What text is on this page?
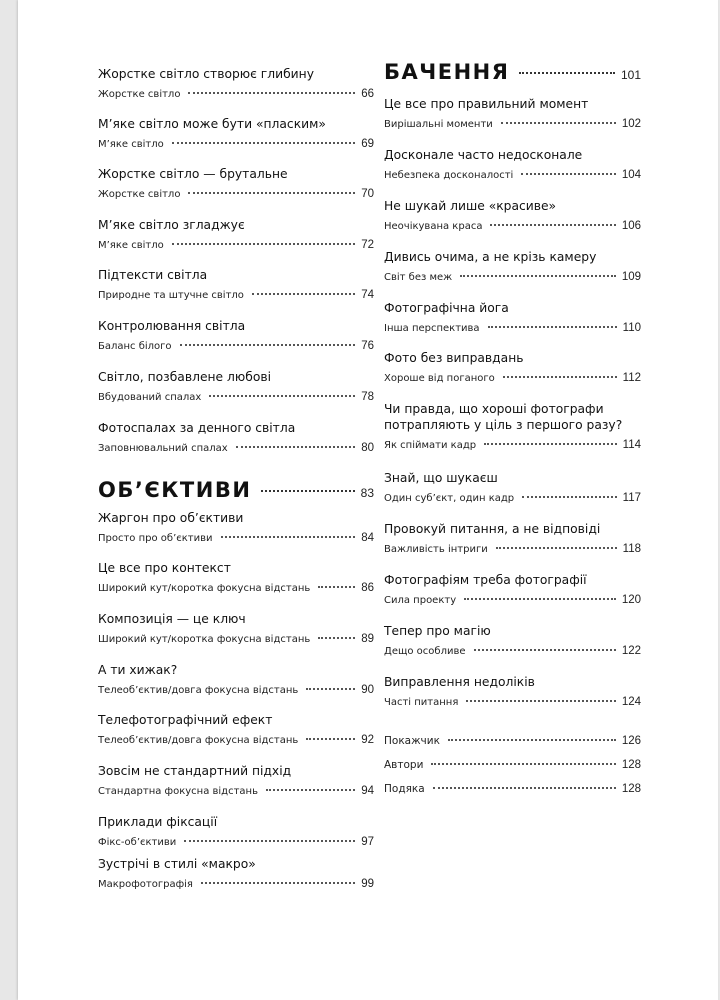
Жорстке світло створює глибину
Жорстке світло	66
М’яке світло може бути «пласким»
М’яке світло	69
Жорстке світло — брутальне
Жорстке світло	70
М’яке світло згладжує
М’яке світло	72
Підтексти світла
Природне та штучне світло	74
Контролювання світла
Баланс білого	76
Світло, позбавлене любові
Вбудований спалах	78
Фотоспалах за денного світла
Заповнювальний спалах	80
ОБ’ЄКТИВИ	83
Жаргон про об’єктиви
Просто про об’єктиви	84
Це все про контекст
Широкий кут/коротка фокусна відстань	86
Композиція — це ключ
Широкий кут/коротка фокусна відстань	89
А ти хижак?
Телеоб’єктив/довга фокусна відстань	90
Телефотографічний ефект
Телеоб’єктив/довга фокусна відстань	92
Зовсім не стандартний підхід
Стандартна фокусна відстань	94
Приклади фіксації
Фікс-об’єктиви	97
Зустрічі в стилі «макро»
Макрофотографія	99
БАЧЕННЯ	101
Це все про правильний момент
Вирішальні моменти	102
Досконале часто недосконале
Небезпека досконалості	104
Не шукай лише «красиве»
Неочікувана краса	106
Дивись очима, а не крізь камеру
Світ без меж	109
Фотографічна йога
Інша перспектива	110
Фото без виправдань
Хороше від поганого	112
Чи правда, що хороші фотографи потрапляють у ціль з першого разу?
Як спіймати кадр	114
Знай, що шукаєш
Один суб’єкт, один кадр	117
Провокуй питання, а не відповіді
Важливість інтриги	118
Фотографіям треба фотографії
Сила проекту	120
Тепер про магію
Дещо особливе	122
Виправлення недоліків
Часті питання	124
Покажчик	126
Автори	128
Подяка	128
